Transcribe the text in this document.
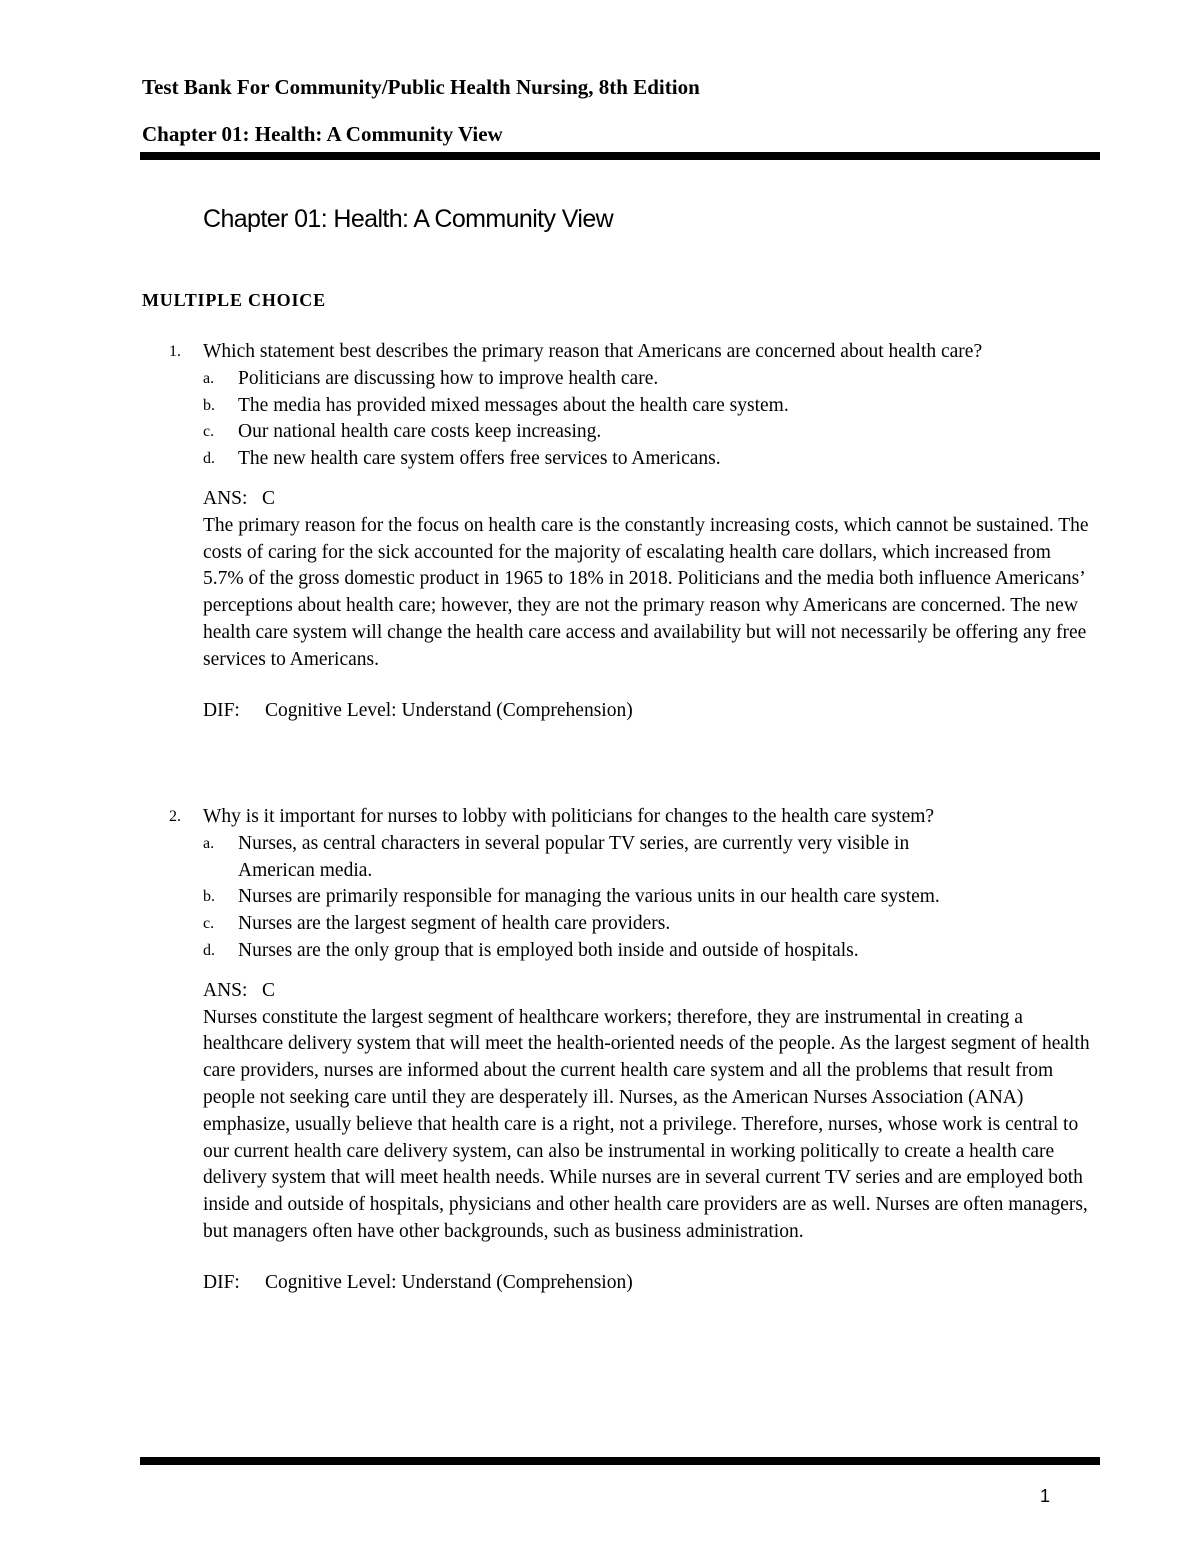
Test Bank For Community/Public Health Nursing, 8th Edition
Chapter 01: Health: A Community View
Chapter 01: Health: A Community View
MULTIPLE CHOICE
1. Which statement best describes the primary reason that Americans are concerned about health care?
a. Politicians are discussing how to improve health care.
b. The media has provided mixed messages about the health care system.
c. Our national health care costs keep increasing.
d. The new health care system offers free services to Americans.
ANS:   C
The primary reason for the focus on health care is the constantly increasing costs, which cannot be sustained. The costs of caring for the sick accounted for the majority of escalating health care dollars, which increased from 5.7% of the gross domestic product in 1965 to 18% in 2018. Politicians and the media both influence Americans’ perceptions about health care; however, they are not the primary reason why Americans are concerned. The new health care system will change the health care access and availability but will not necessarily be offering any free services to Americans.
DIF: Cognitive Level: Understand (Comprehension)
2. Why is it important for nurses to lobby with politicians for changes to the health care system?
a. Nurses, as central characters in several popular TV series, are currently very visible in American media.
b. Nurses are primarily responsible for managing the various units in our health care system.
c. Nurses are the largest segment of health care providers.
d. Nurses are the only group that is employed both inside and outside of hospitals.
ANS:   C
Nurses constitute the largest segment of healthcare workers; therefore, they are instrumental in creating a healthcare delivery system that will meet the health-oriented needs of the people. As the largest segment of health care providers, nurses are informed about the current health care system and all the problems that result from people not seeking care until they are desperately ill. Nurses, as the American Nurses Association (ANA) emphasize, usually believe that health care is a right, not a privilege. Therefore, nurses, whose work is central to our current health care delivery system, can also be instrumental in working politically to create a health care delivery system that will meet health needs. While nurses are in several current TV series and are employed both inside and outside of hospitals, physicians and other health care providers are as well. Nurses are often managers, but managers often have other backgrounds, such as business administration.
DIF: Cognitive Level: Understand (Comprehension)
1
